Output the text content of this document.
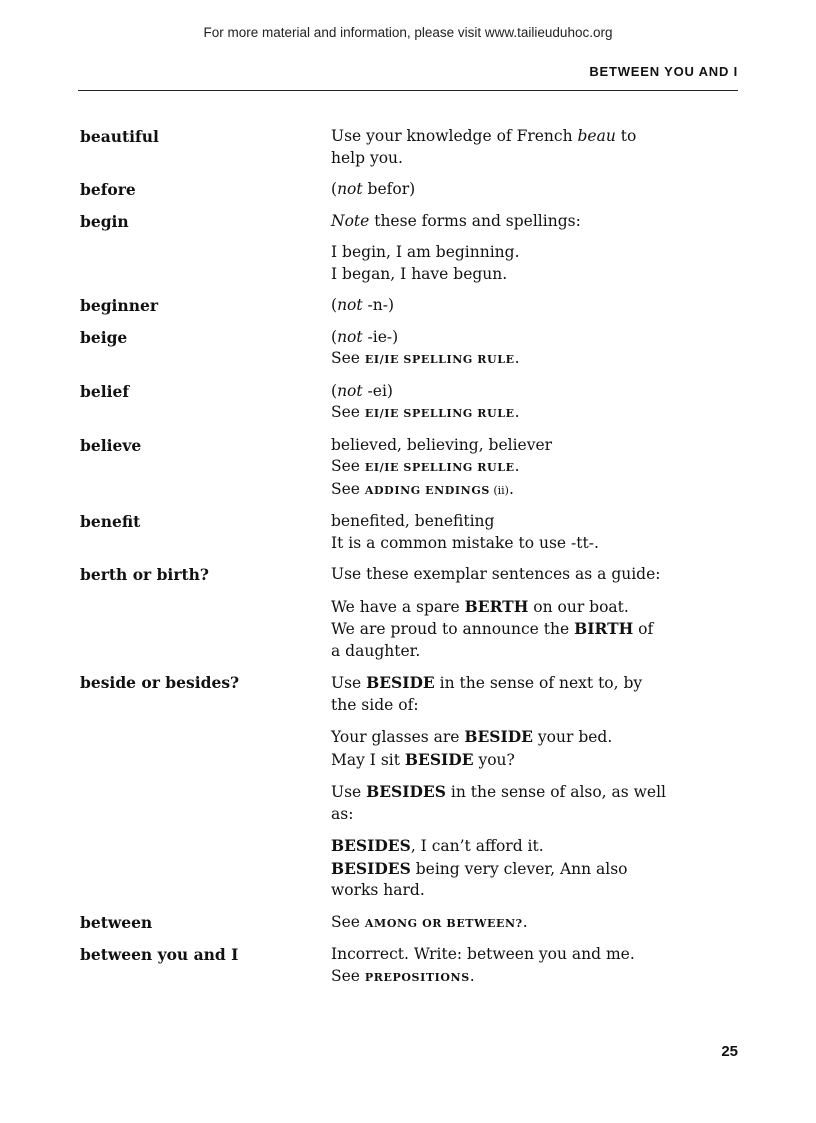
For more material and information, please visit www.tailieuduhoc.org
BETWEEN YOU AND I
beautiful	Use your knowledge of French beau to
help you.
before	(not befor)
begin	Note these forms and spellings:

I begin, I am beginning.
I began, I have begun.

beginner	(not -n-)
beige	(not -ie-)
See EI/IE SPELLING RULE.
belief	(not -ei)
See EI/IE SPELLING RULE.
believe	believed, believing, believer
See EI/IE SPELLING RULE.
See ADDING ENDINGS (ii).
benefit	benefited, benefiting
It is a common mistake to use -tt-.
berth or birth?	Use these exemplar sentences as a guide:

We have a spare BERTH on our boat.
We are proud to announce the BIRTH of
a daughter.

beside or besides?	Use BESIDE in the sense of next to, by
the side of:

Your glasses are BESIDE your bed.
May I sit BESIDE you?

Use BESIDES in the sense of also, as well
as:

BESIDES, I can’t afford it.
BESIDES being very clever, Ann also
works hard.

between	See AMONG OR BETWEEN?.
between you and I	Incorrect. Write: between you and me.
See PREPOSITIONS.
25
